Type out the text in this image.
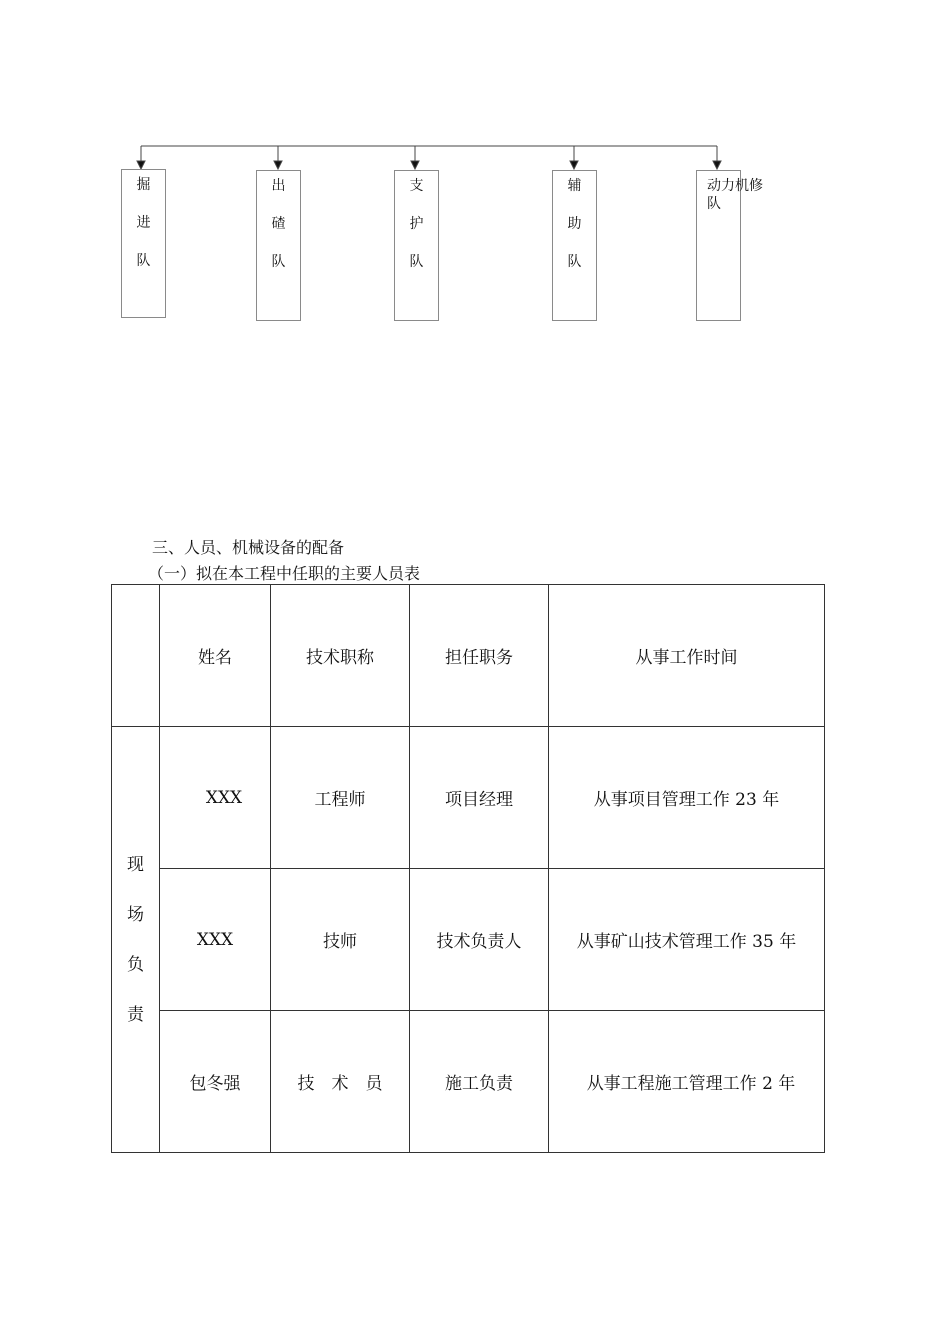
掘
进
队
出
碴
队
支
护
队
辅
助
队
动力机修
队
三、人员、机械设备的配备
（一）拟在本工程中任职的主要人员表
	姓名	技术职称	担任职务	从事工作时间

现
场
负
责	XXX	工程师	项目经理	从事项目管理工作 23 年
	XXX	技师	技术负责人	从事矿山技术管理工作 35 年
	包冬强	技　术　员	施工负责	从事工程施工管理工作 2 年
